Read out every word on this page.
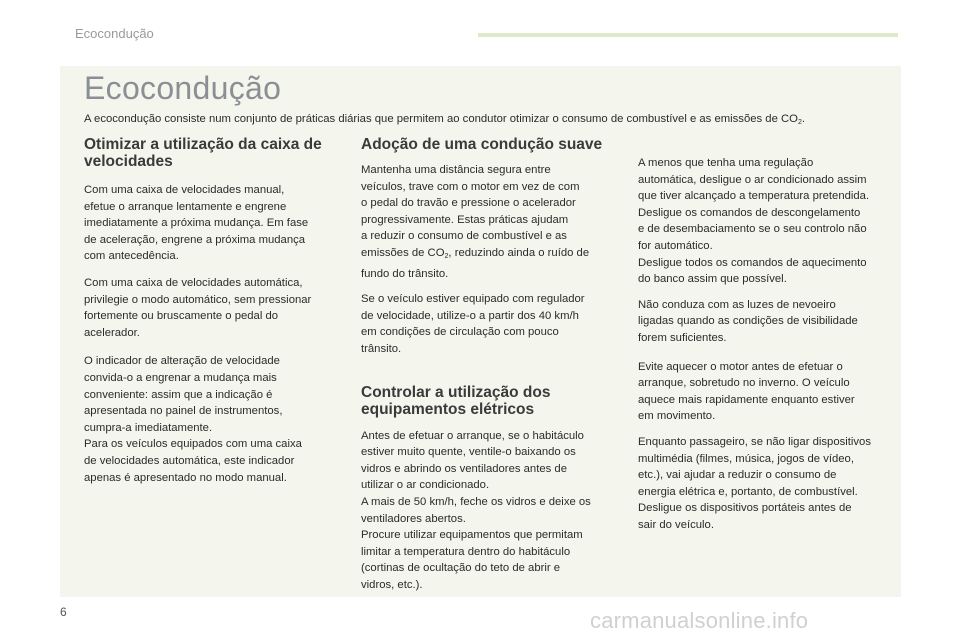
Ecocondução
Ecocondução

A ecocondução consiste num conjunto de práticas diárias que permitem ao condutor otimizar o consumo de combustível e as emissões de $CO_2$.

Otimizar a utilização da caixa de velocidades

Com uma caixa de velocidades manual,
efetue o arranque lentamente e engrene
imediatamente a próxima mudança. Em fase
de aceleração, engrene a próxima mudança
com antecedência.

Com uma caixa de velocidades automática,
privilegie o modo automático, sem pressionar
fortemente ou bruscamente o pedal do
acelerador.

O indicador de alteração de velocidade
convida-o a engrenar a mudança mais
conveniente: assim que a indicação é
apresentada no painel de instrumentos,
cumpra-a imediatamente.
Para os veículos equipados com uma caixa
de velocidades automática, este indicador
apenas é apresentado no modo manual.

Adoção de uma condução suave

Mantenha uma distância segura entre
veículos, trave com o motor em vez de com
o pedal do travão e pressione o acelerador
progressivamente. Estas práticas ajudam
a reduzir o consumo de combustível e as
emissões de $CO_2$, reduzindo ainda o ruído de
fundo do trânsito.

Se o veículo estiver equipado com regulador
de velocidade, utilize-o a partir dos 40 km/h
em condições de circulação com pouco
trânsito.

Controlar a utilização dos equipamentos elétricos

Antes de efetuar o arranque, se o habitáculo
estiver muito quente, ventile-o baixando os
vidros e abrindo os ventiladores antes de
utilizar o ar condicionado.
A mais de 50 km/h, feche os vidros e deixe os
ventiladores abertos.
Procure utilizar equipamentos que permitam
limitar a temperatura dentro do habitáculo
(cortinas de ocultação do teto de abrir e
vidros, etc.).

A menos que tenha uma regulação
automática, desligue o ar condicionado assim
que tiver alcançado a temperatura pretendida.
Desligue os comandos de descongelamento
e de desembaciamento se o seu controlo não
for automático.
Desligue todos os comandos de aquecimento
do banco assim que possível.

Não conduza com as luzes de nevoeiro
ligadas quando as condições de visibilidade
forem suficientes.

Evite aquecer o motor antes de efetuar o
arranque, sobretudo no inverno. O veículo
aquece mais rapidamente enquanto estiver
em movimento.

Enquanto passageiro, se não ligar dispositivos
multimédia (filmes, música, jogos de vídeo,
etc.), vai ajudar a reduzir o consumo de
energia elétrica e, portanto, de combustível.
Desligue os dispositivos portáteis antes de
sair do veículo.

6	carmanualsonline.info
